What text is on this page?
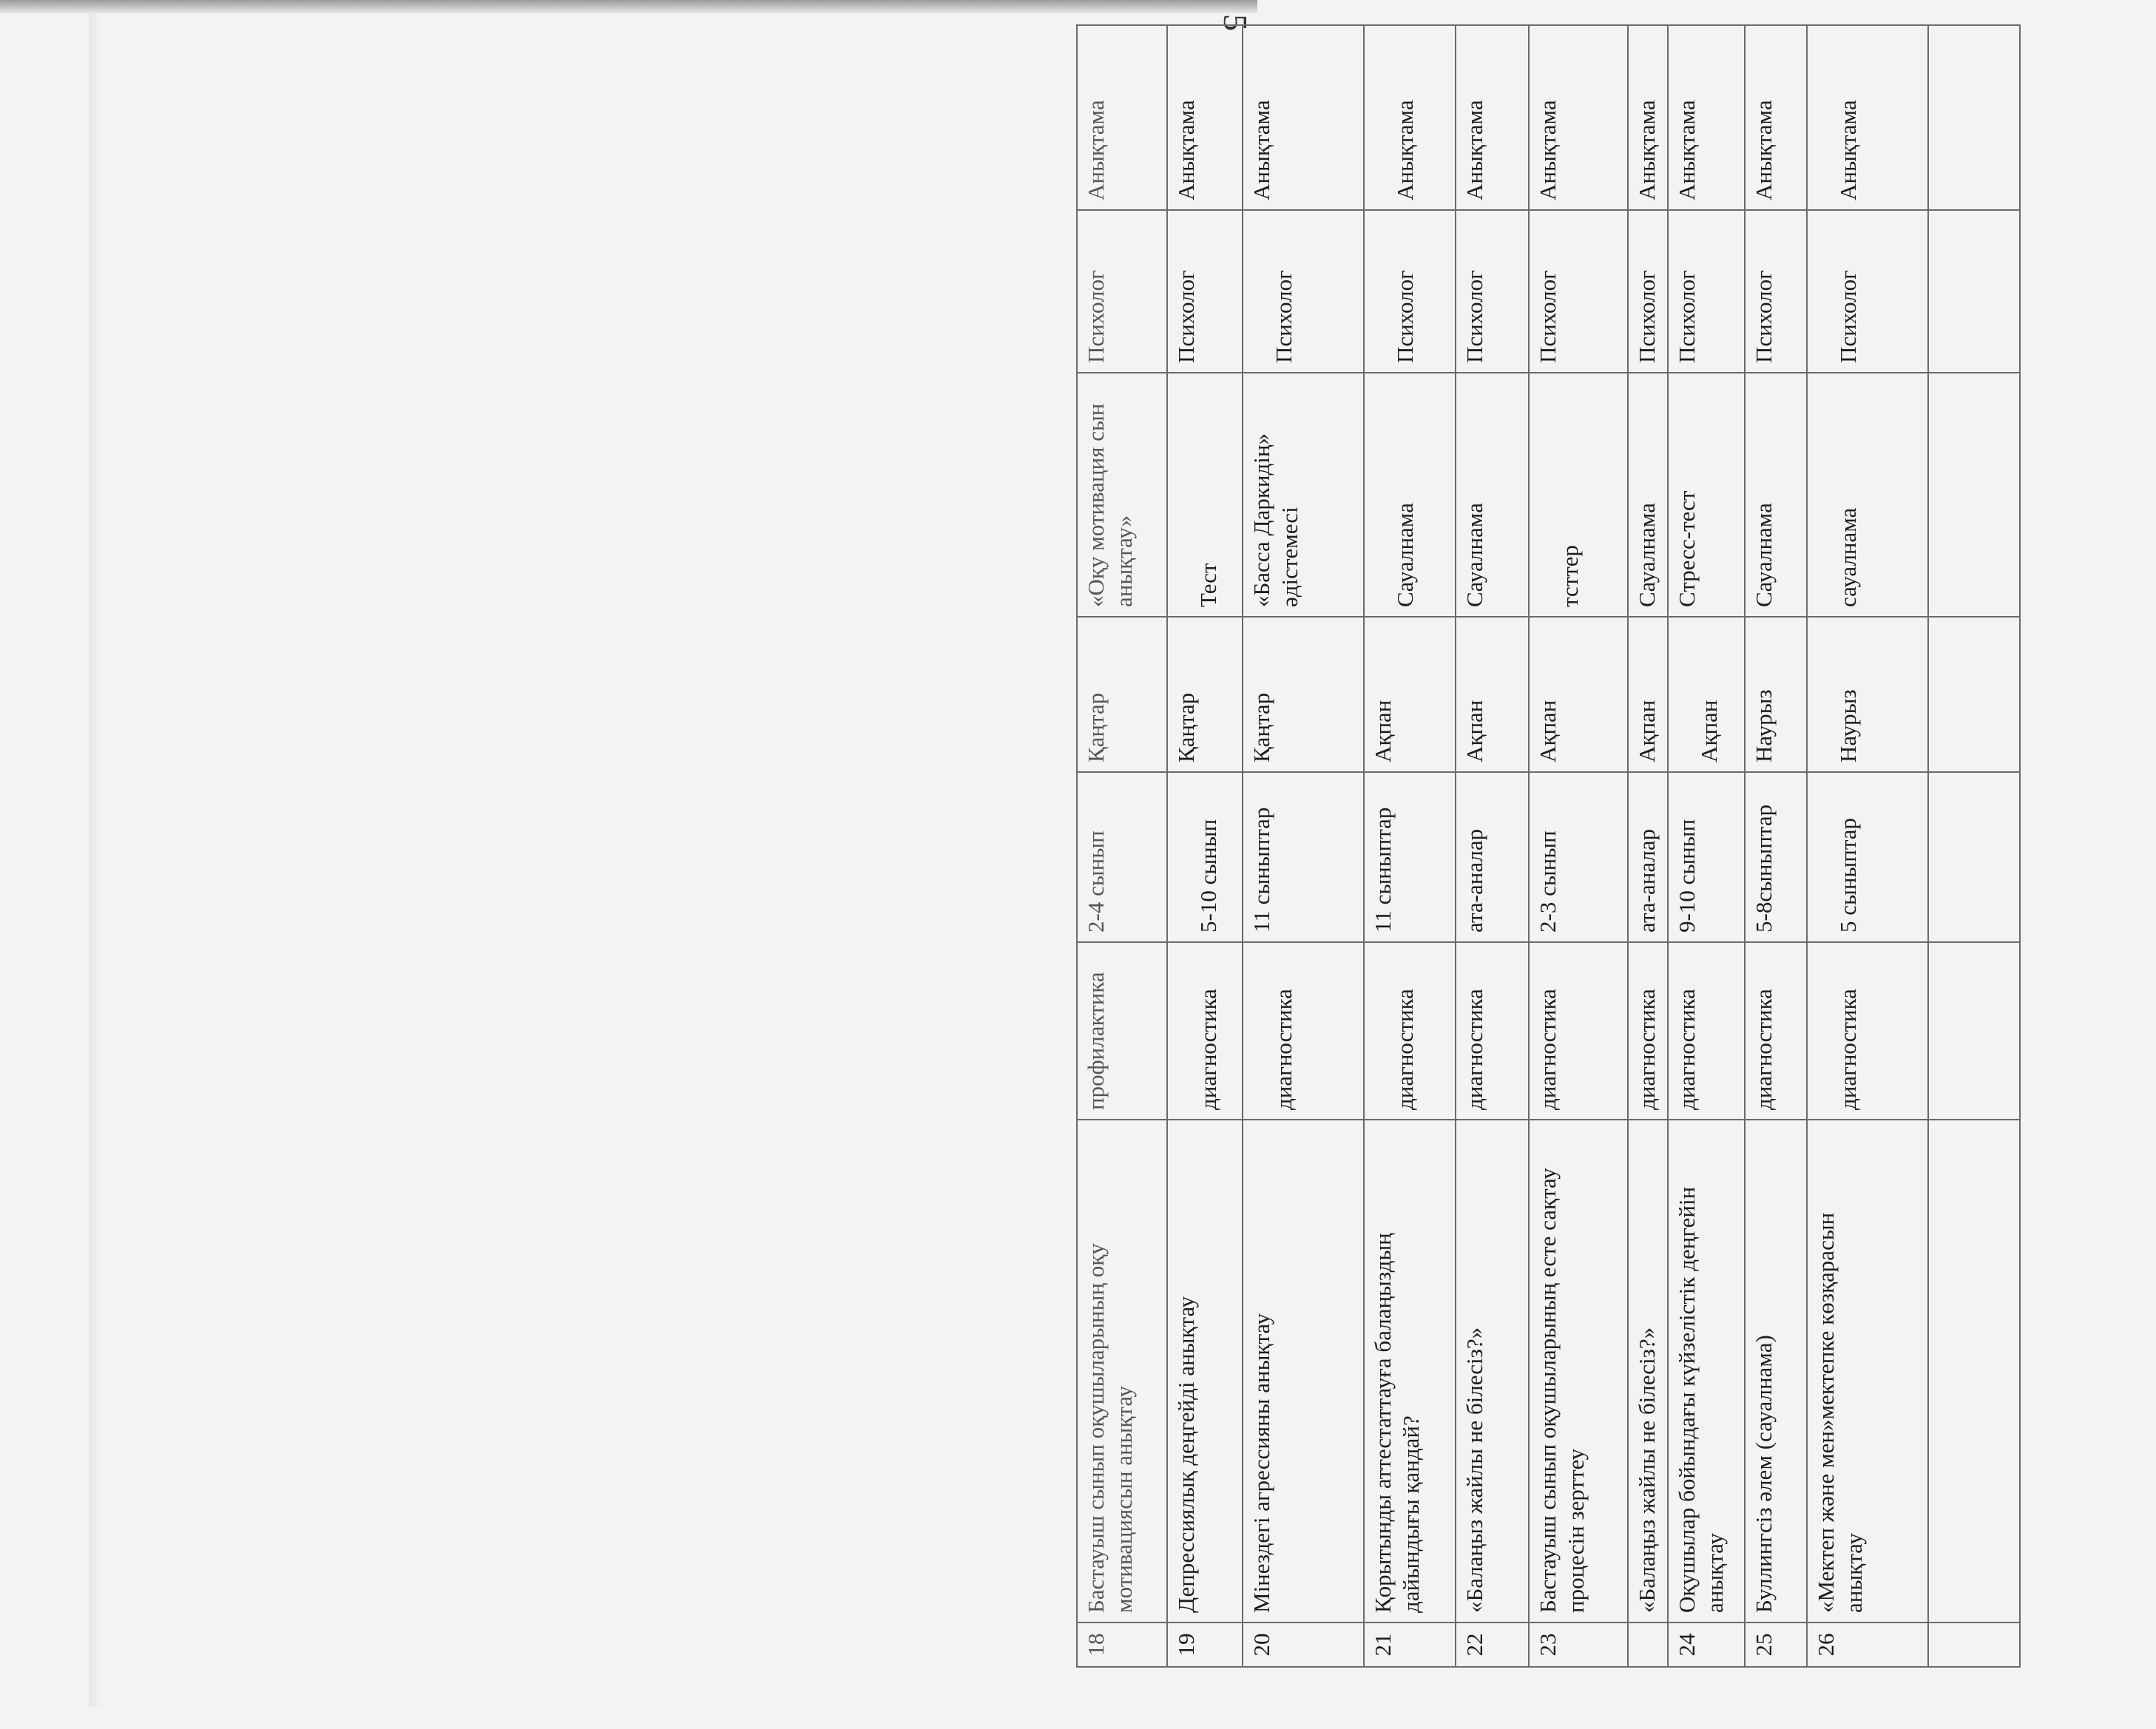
5
18	Бастауыш сынып оқушыларының оқу мотивациясын анықтау	профилактика	2-4 сынып	Қаңтар	«Оқу мотивация сын анықтау»	Психолог	Анықтама
19	Депрессиялық деңгейді анықтау	диагностика	5-10 сынып	Қаңтар	Тест	Психолог	Анықтама
20	Мінездегі агрессияны анықтау	диагностика	11 сыныптар	Қаңтар	«Басса Даркидің» әдістемесі	Психолог	Анықтама
21	Қорытынды аттестаттауға балаңыздың дайындығы қандай?	диагностика	11 сыныптар	Ақпан	Сауалнама	Психолог	Анықтама

22	«Балаңыз жайлы не білесіз?»	диагностика	ата-аналар	Ақпан	Сауалнама	Психолог	Анықтама
23	Бастауыш сынып оқушыларының есте сақтау процесін зерттеу	диагностика	2-3 сынып	Ақпан	тсттер	Психолог	Анықтама
	«Балаңыз жайлы не білесіз?»	диагностика	ата-аналар	Ақпан	Сауалнама	Психолог	Анықтама
24	Оқушылар бойындағы күйзелістік деңгейін анықтау	диагностика	9-10 сынып	Ақпан	Стресс-тест	Психолог	Анықтама
25	Буллингсіз әлем (сауалнама)	диагностика	5-8сыныптар	Наурыз	Сауалнама	Психолог	Анықтама
26	«Мектеп және мен»мектепке көзқарасын анықтау	диагностика	5 сыныптар	Наурыз	сауалнама	Психолог	Анықтама
